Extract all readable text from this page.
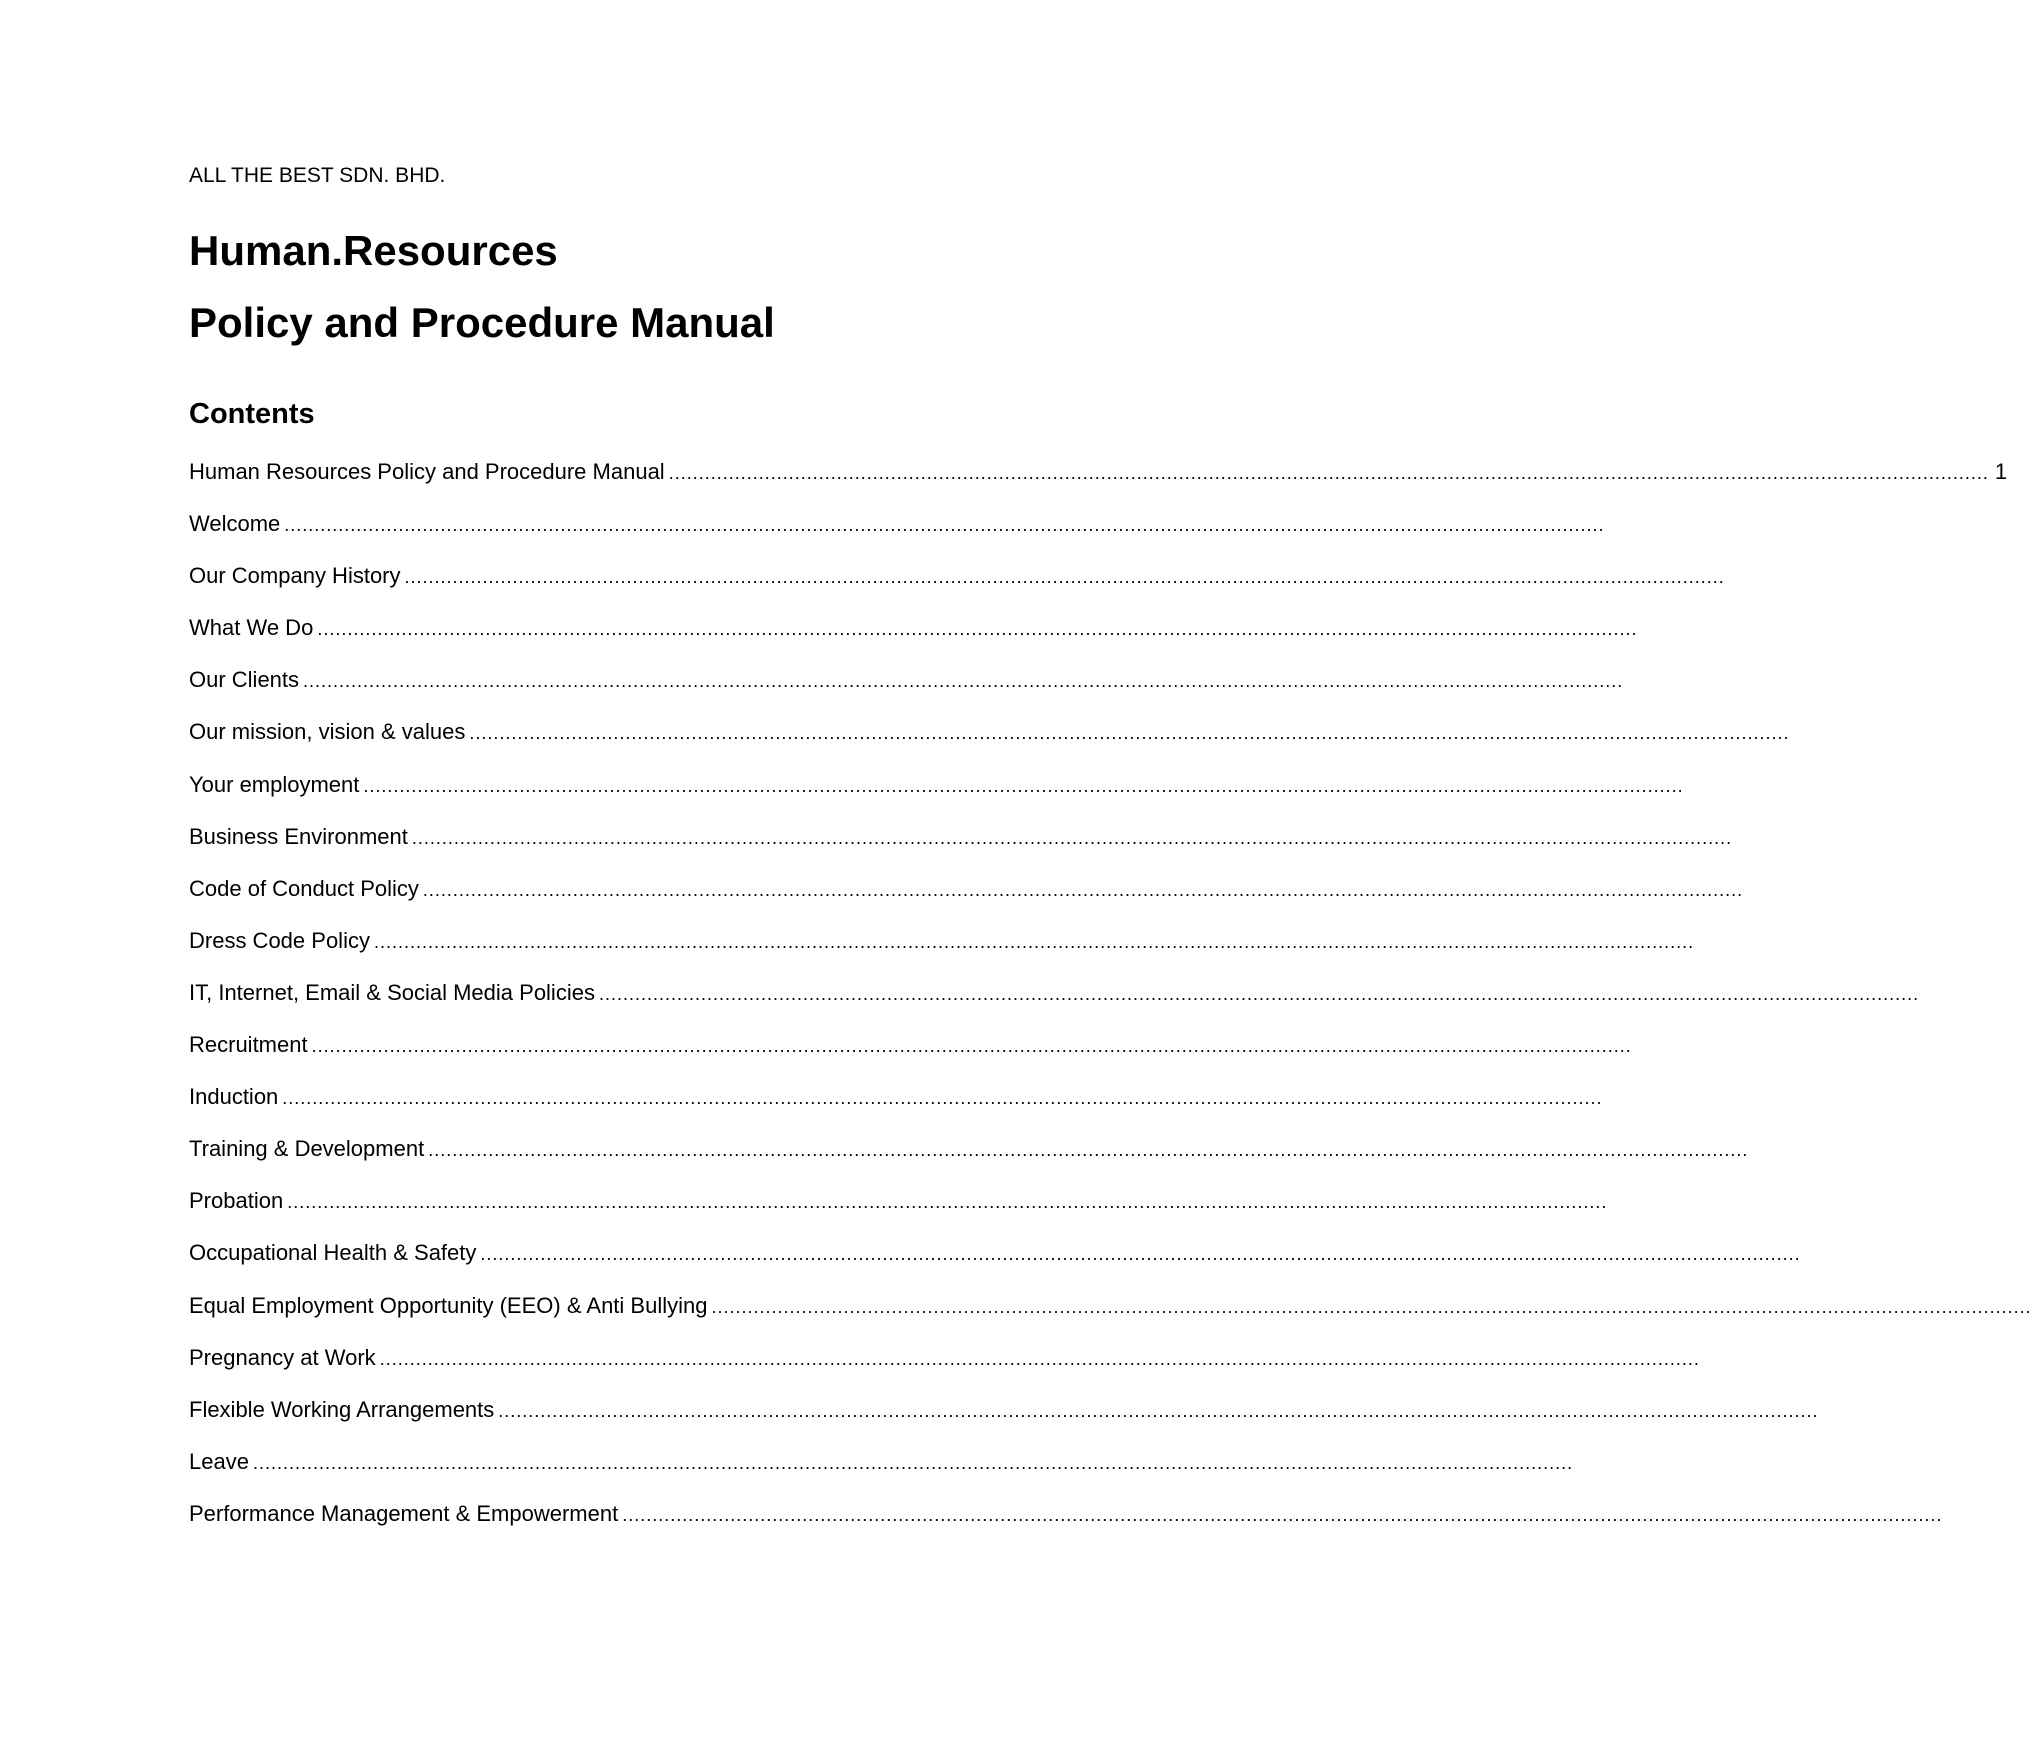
ALL THE BEST SDN. BHD.
Human.Resources
Policy and Procedure Manual
Contents
Human Resources Policy and Procedure Manual ............................................................................................................................................................................................................................ 1
Welcome ............................................................................................................................................................................................................................
Our Company History ............................................................................................................................................................................................................................
What We Do ............................................................................................................................................................................................................................
Our Clients ............................................................................................................................................................................................................................
Our mission, vision & values ............................................................................................................................................................................................................................
Your employment ............................................................................................................................................................................................................................
Business Environment ............................................................................................................................................................................................................................
Code of Conduct Policy ............................................................................................................................................................................................................................
Dress Code Policy ............................................................................................................................................................................................................................
IT, Internet, Email & Social Media Policies ............................................................................................................................................................................................................................
Recruitment ............................................................................................................................................................................................................................
Induction ............................................................................................................................................................................................................................
Training & Development ............................................................................................................................................................................................................................
Probation ............................................................................................................................................................................................................................
Occupational Health & Safety ............................................................................................................................................................................................................................
Equal Employment Opportunity (EEO) & Anti Bullying ............................................................................................................................................................................................................................
Pregnancy at Work ............................................................................................................................................................................................................................
Flexible Working Arrangements ............................................................................................................................................................................................................................
Leave ............................................................................................................................................................................................................................
Performance Management & Empowerment ............................................................................................................................................................................................................................
